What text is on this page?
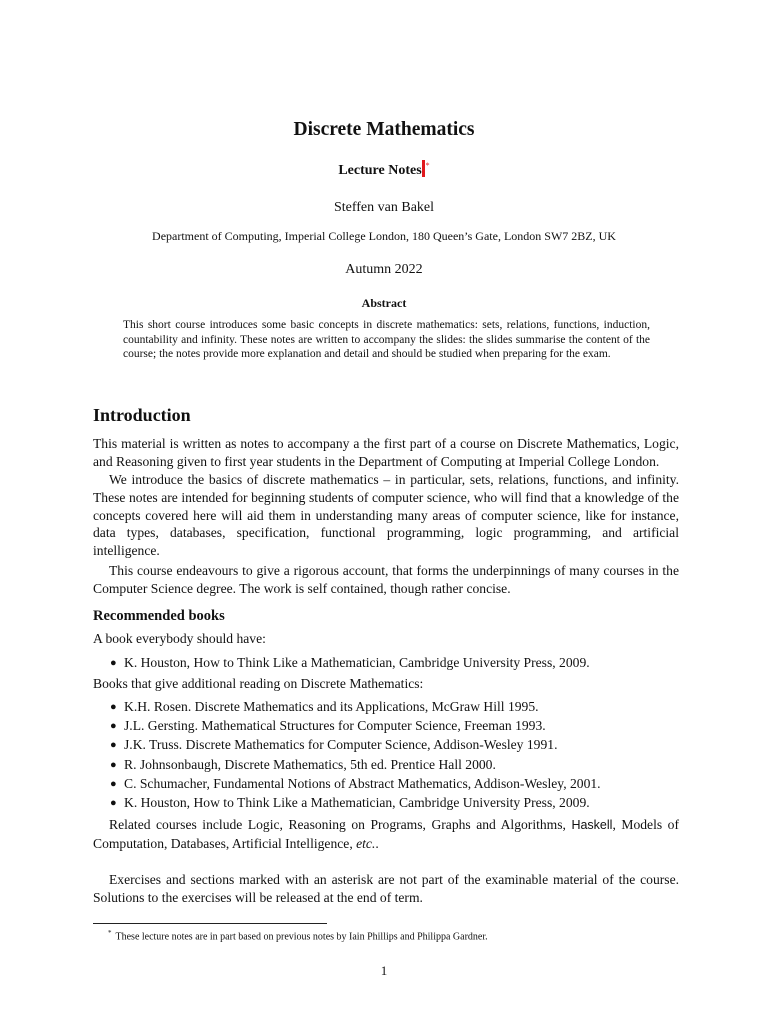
Discrete Mathematics
Lecture Notes *
Steffen van Bakel
Department of Computing, Imperial College London, 180 Queen’s Gate, London SW7 2BZ, UK
Autumn 2022
Abstract

This short course introduces some basic concepts in discrete mathematics: sets, relations, functions, induction, countability and infinity. These notes are written to accompany the slides: the slides summarise the content of the course; the notes provide more explanation and detail and should be studied when preparing for the exam.

Introduction

This material is written as notes to accompany a the first part of a course on Discrete Mathematics, Logic, and Reasoning given to first year students in the Department of Computing at Imperial College London.

We introduce the basics of discrete mathematics – in particular, sets, relations, functions, and infinity. These notes are intended for beginning students of computer science, who will find that a knowledge of the concepts covered here will aid them in understanding many areas of computer science, like for instance, data types, databases, specification, functional programming, logic programming, and artificial intelligence.

This course endeavours to give a rigorous account, that forms the underpinnings of many courses in the Computer Science degree. The work is self contained, though rather concise.

Recommended books

A book everybody should have:

● K. Houston, How to Think Like a Mathematician, Cambridge University Press, 2009.

Books that give additional reading on Discrete Mathematics:

● K.H. Rosen. Discrete Mathematics and its Applications, McGraw Hill 1995.
● J.L. Gersting. Mathematical Structures for Computer Science, Freeman 1993.
● J.K. Truss. Discrete Mathematics for Computer Science, Addison-Wesley 1991.
● R. Johnsonbaugh, Discrete Mathematics, 5th ed. Prentice Hall 2000.
● C. Schumacher, Fundamental Notions of Abstract Mathematics, Addison-Wesley, 2001.
● K. Houston, How to Think Like a Mathematician, Cambridge University Press, 2009.

Related courses include Logic, Reasoning on Programs, Graphs and Algorithms, Haskell, Models of Computation, Databases, Artificial Intelligence, etc..

Exercises and sections marked with an asterisk are not part of the examinable material of the course. Solutions to the exercises will be released at the end of term.

* These lecture notes are in part based on previous notes by Iain Phillips and Philippa Gardner.
1
